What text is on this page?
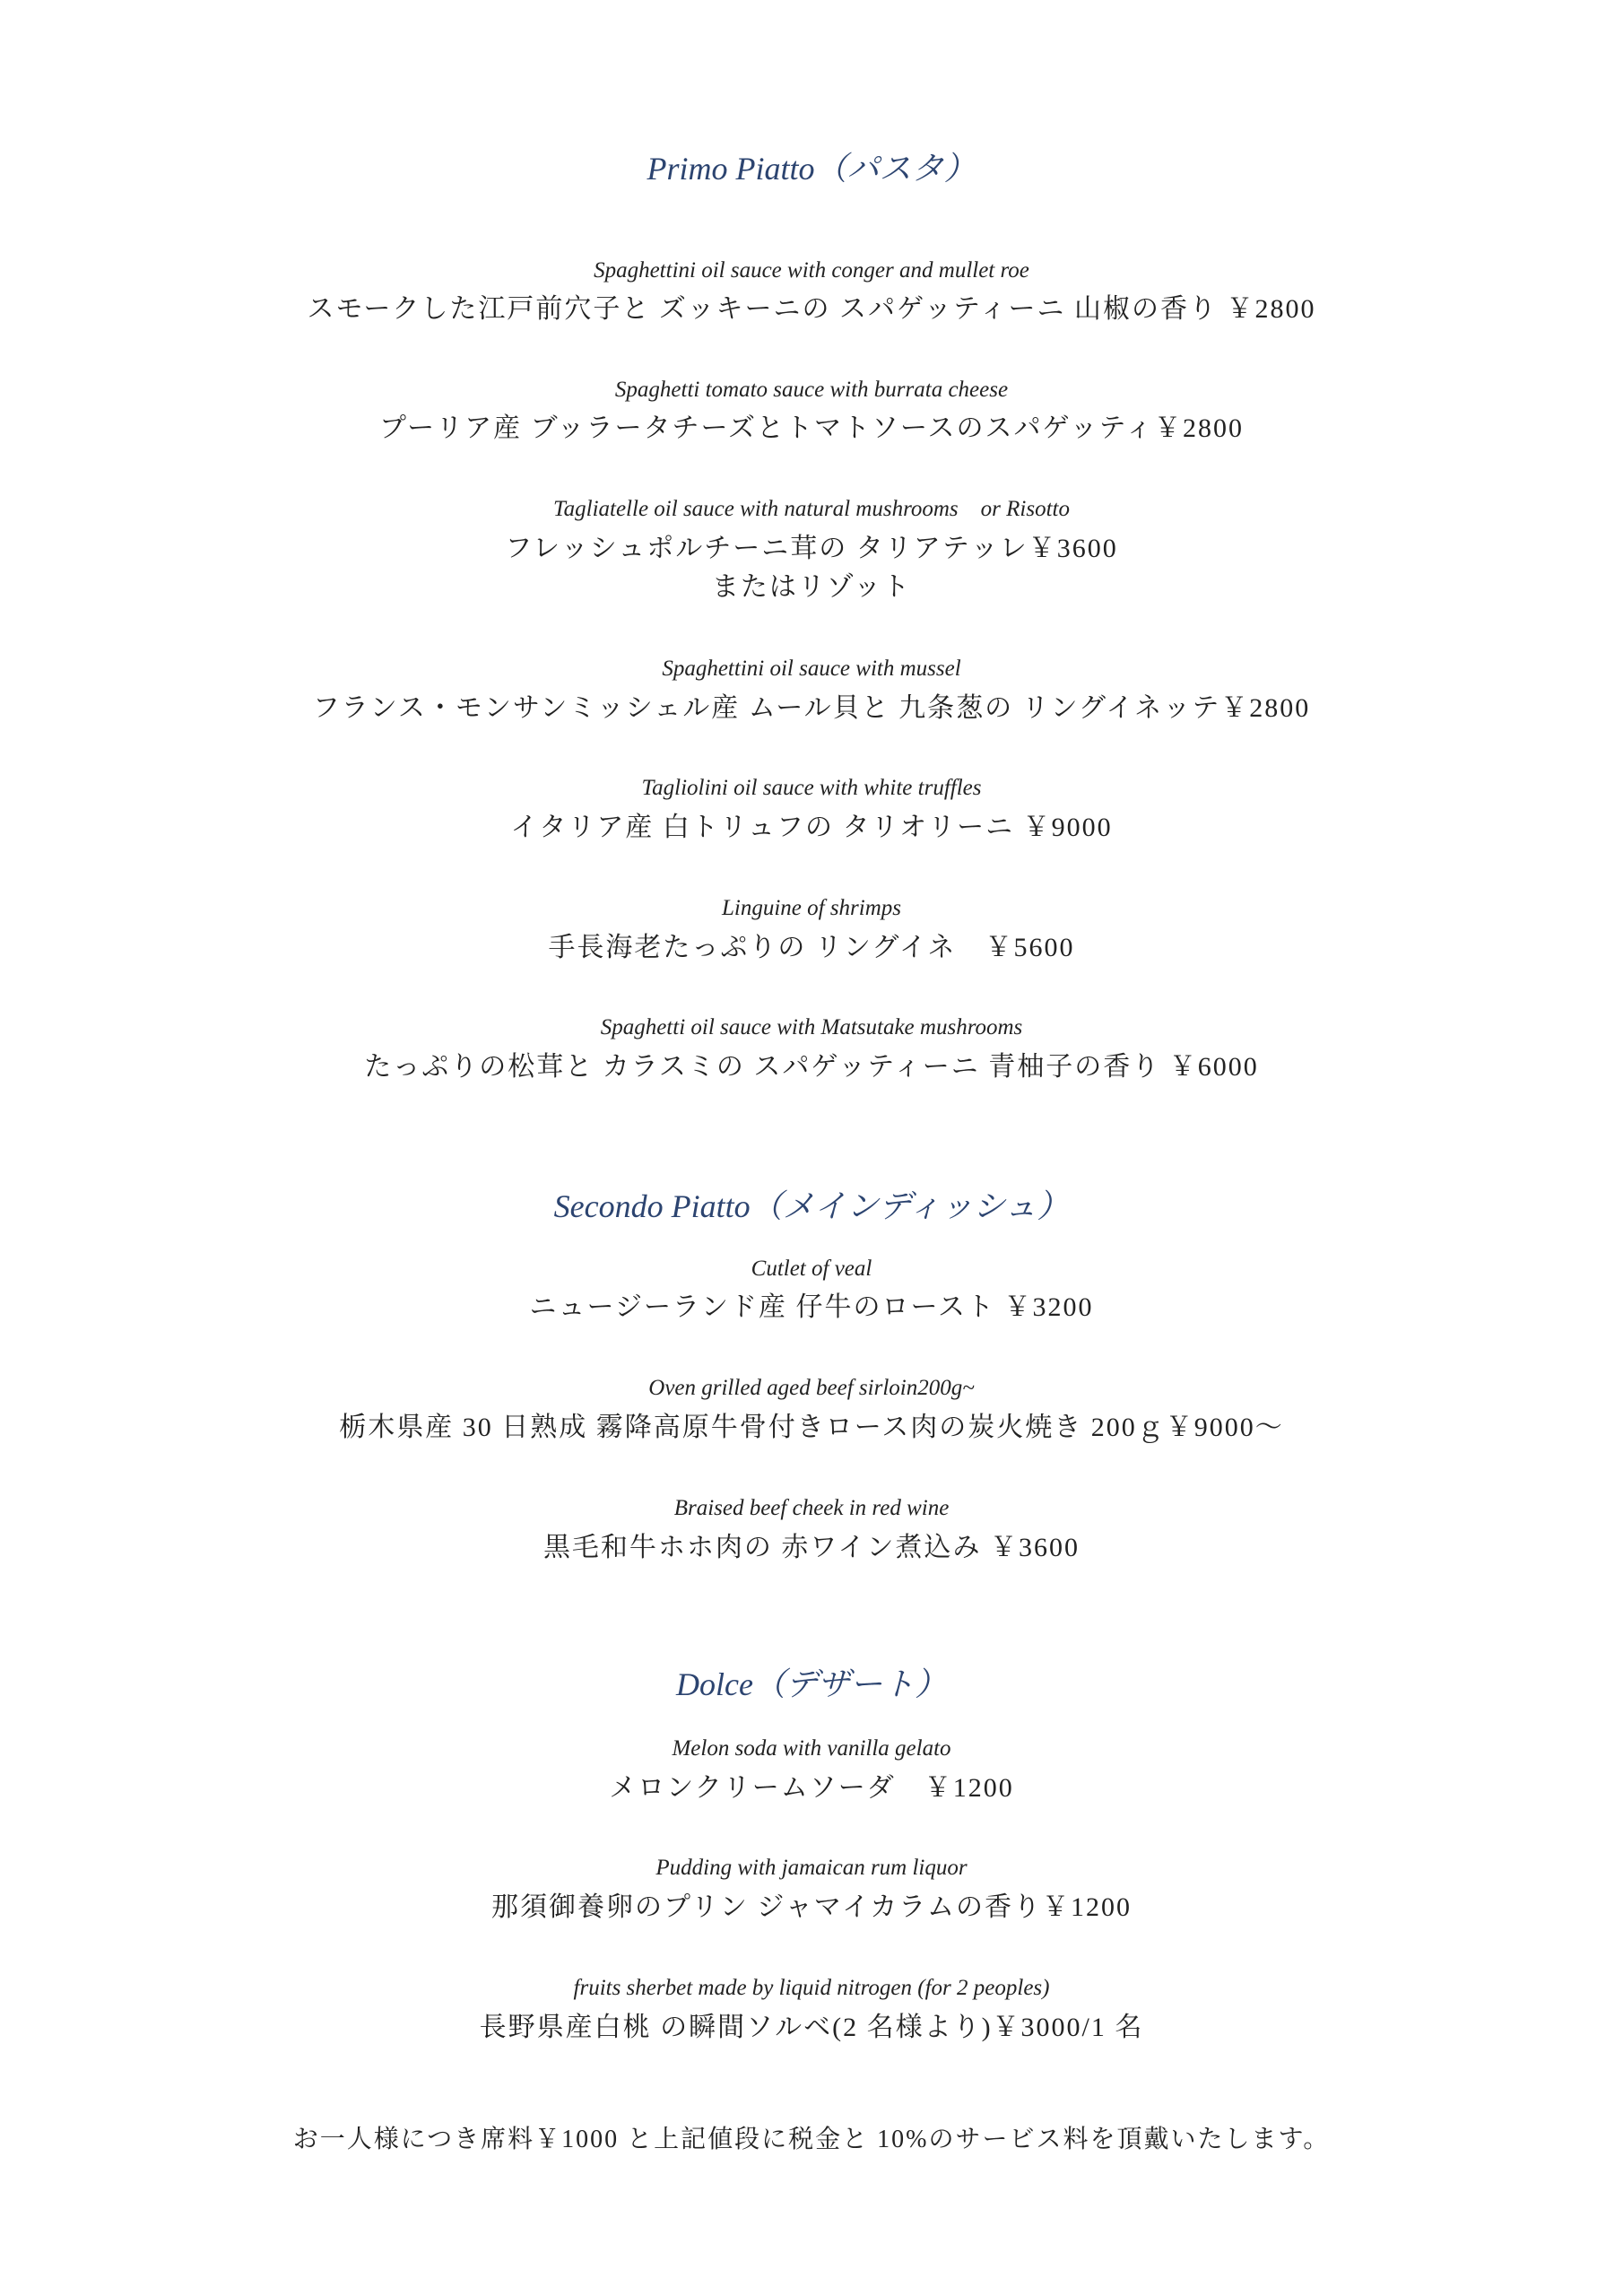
Primo Piatto（パスタ）
Spaghettini oil sauce with conger and mullet roe
スモークした江戸前穴子と ズッキーニの スパゲッティーニ 山椒の香り ￥2800
Spaghetti tomato sauce with burrata cheese
プーリア産 ブッラータチーズとトマトソースのスパゲッティ￥2800
Tagliatelle oil sauce with natural mushrooms　or Risotto
フレッシュポルチーニ茸の タリアテッレ￥3600
またはリゾット
Spaghettini oil sauce with mussel
フランス・モンサンミッシェル産 ムール貝と 九条葱の リングイネッテ￥2800
Tagliolini oil sauce with white truffles
イタリア産 白トリュフの タリオリーニ ￥9000
Linguine of shrimps
手長海老たっぷりの リングイネ　￥5600
Spaghetti oil sauce with Matsutake mushrooms
たっぷりの松茸と カラスミの スパゲッティーニ 青柚子の香り ￥6000
Secondo Piatto（メインディッシュ）
Cutlet of veal
ニュージーランド産 仔牛のロースト ￥3200
Oven grilled aged beef sirloin200g~
栃木県産 30 日熟成 霧降高原牛骨付きロース肉の炭火焼き 200ｇ￥9000～
Braised beef cheek in red wine
黒毛和牛ホホ肉の 赤ワイン煮込み ￥3600
Dolce（デザート）
Melon soda with vanilla gelato
メロンクリームソーダ　￥1200
Pudding with jamaican rum liquor
那須御養卵のプリン ジャマイカラムの香り￥1200
fruits sherbet made by liquid nitrogen (for 2 peoples)
長野県産白桃 の瞬間ソルベ(2 名様より)￥3000/1 名
お一人様につき席料￥1000 と上記値段に税金と 10%のサービス料を頂戴いたします。
